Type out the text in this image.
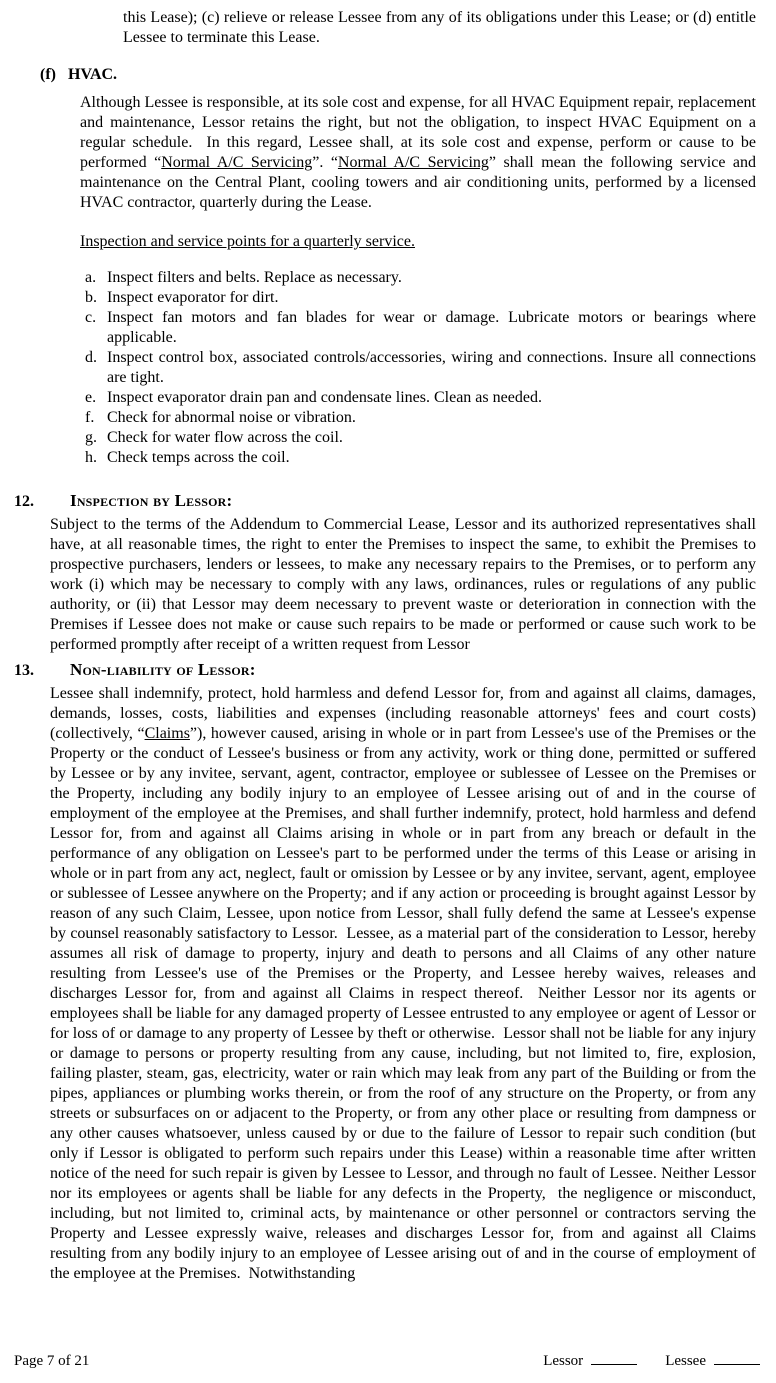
this Lease); (c) relieve or release Lessee from any of its obligations under this Lease; or (d) entitle Lessee to terminate this Lease.
(f) HVAC.
Although Lessee is responsible, at its sole cost and expense, for all HVAC Equipment repair, replacement and maintenance, Lessor retains the right, but not the obligation, to inspect HVAC Equipment on a regular schedule.  In this regard, Lessee shall, at its sole cost and expense, perform or cause to be performed “Normal A/C Servicing”. “Normal A/C Servicing” shall mean the following service and maintenance on the Central Plant, cooling towers and air conditioning units, performed by a licensed HVAC contractor, quarterly during the Lease.
Inspection and service points for a quarterly service.
a. Inspect filters and belts. Replace as necessary.
b. Inspect evaporator for dirt.
c. Inspect fan motors and fan blades for wear or damage. Lubricate motors or bearings where applicable.
d. Inspect control box, associated controls/accessories, wiring and connections. Insure all connections are tight.
e. Inspect evaporator drain pan and condensate lines. Clean as needed.
f. Check for abnormal noise or vibration.
g. Check for water flow across the coil.
h. Check temps across the coil.
12. Inspection by Lessor:
Subject to the terms of the Addendum to Commercial Lease, Lessor and its authorized representatives shall have, at all reasonable times, the right to enter the Premises to inspect the same, to exhibit the Premises to prospective purchasers, lenders or lessees, to make any necessary repairs to the Premises, or to perform any work (i) which may be necessary to comply with any laws, ordinances, rules or regulations of any public authority, or (ii) that Lessor may deem necessary to prevent waste or deterioration in connection with the Premises if Lessee does not make or cause such repairs to be made or performed or cause such work to be performed promptly after receipt of a written request from Lessor
13. Non-liability of Lessor:
Lessee shall indemnify, protect, hold harmless and defend Lessor for, from and against all claims, damages, demands, losses, costs, liabilities and expenses (including reasonable attorneys' fees and court costs) (collectively, “Claims”), however caused, arising in whole or in part from Lessee's use of the Premises or the Property or the conduct of Lessee's business or from any activity, work or thing done, permitted or suffered by Lessee or by any invitee, servant, agent, contractor, employee or sublessee of Lessee on the Premises or the Property, including any bodily injury to an employee of Lessee arising out of and in the course of employment of the employee at the Premises, and shall further indemnify, protect, hold harmless and defend Lessor for, from and against all Claims arising in whole or in part from any breach or default in the performance of any obligation on Lessee's part to be performed under the terms of this Lease or arising in whole or in part from any act, neglect, fault or omission by Lessee or by any invitee, servant, agent, employee or sublessee of Lessee anywhere on the Property; and if any action or proceeding is brought against Lessor by reason of any such Claim, Lessee, upon notice from Lessor, shall fully defend the same at Lessee's expense by counsel reasonably satisfactory to Lessor.  Lessee, as a material part of the consideration to Lessor, hereby assumes all risk of damage to property, injury and death to persons and all Claims of any other nature resulting from Lessee's use of the Premises or the Property, and Lessee hereby waives, releases and discharges Lessor for, from and against all Claims in respect thereof.  Neither Lessor nor its agents or employees shall be liable for any damaged property of Lessee entrusted to any employee or agent of Lessor or for loss of or damage to any property of Lessee by theft or otherwise.  Lessor shall not be liable for any injury or damage to persons or property resulting from any cause, including, but not limited to, fire, explosion, failing plaster, steam, gas, electricity, water or rain which may leak from any part of the Building or from the pipes, appliances or plumbing works therein, or from the roof of any structure on the Property, or from any streets or subsurfaces on or adjacent to the Property, or from any other place or resulting from dampness or any other causes whatsoever, unless caused by or due to the failure of Lessor to repair such condition (but only if Lessor is obligated to perform such repairs under this Lease) within a reasonable time after written notice of the need for such repair is given by Lessee to Lessor, and through no fault of Lessee. Neither Lessor nor its employees or agents shall be liable for any defects in the Property,  the negligence or misconduct, including, but not limited to, criminal acts, by maintenance or other personnel or contractors serving the Property and Lessee expressly waive, releases and discharges Lessor for, from and against all Claims resulting from any bodily injury to an employee of Lessee arising out of and in the course of employment of the employee at the Premises.  Notwithstanding
Page 7 of 21	Lessor	Lessee
